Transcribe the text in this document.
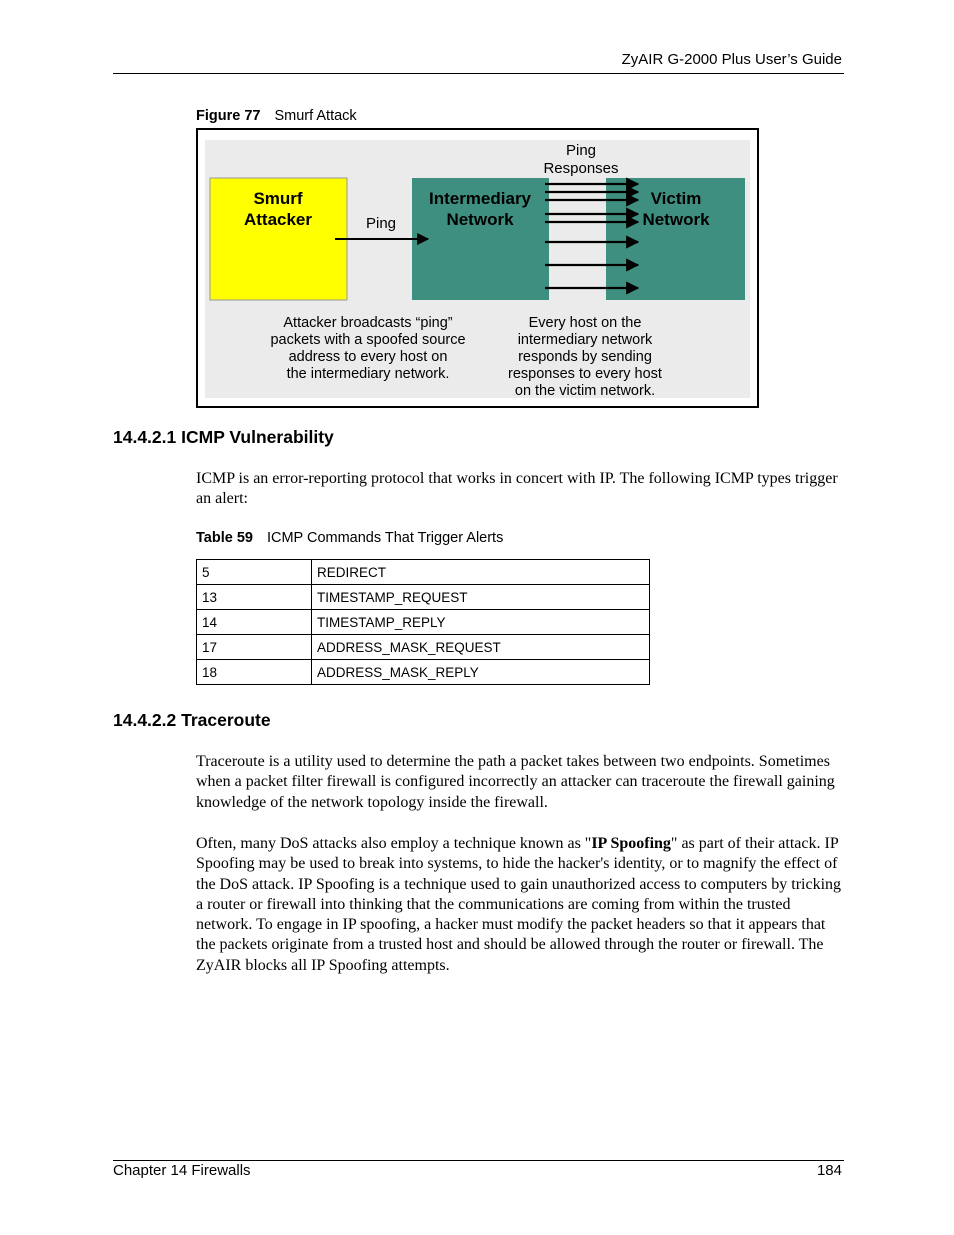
ZyAIR G-2000 Plus User’s Guide
Figure 77 Smurf Attack
Smurf
Attacker
Intermediary
Network
Victim
Network
Ping
Ping
Responses
Attacker broadcasts “ping”
packets with a spoofed source
address to every host on
the intermediary network.
Every host on the
intermediary network
responds by sending
responses to every host
on the victim network.
14.4.2.1 ICMP Vulnerability
ICMP is an error-reporting protocol that works in concert with IP. The following ICMP types trigger an alert:
Table 59 ICMP Commands That Trigger Alerts
5	REDIRECT
13	TIMESTAMP_REQUEST
14	TIMESTAMP_REPLY
17	ADDRESS_MASK_REQUEST
18	ADDRESS_MASK_REPLY
14.4.2.2 Traceroute
Traceroute is a utility used to determine the path a packet takes between two endpoints. Sometimes when a packet filter firewall is configured incorrectly an attacker can traceroute the firewall gaining knowledge of the network topology inside the firewall.
Often, many DoS attacks also employ a technique known as "IP Spoofing" as part of their attack. IP Spoofing may be used to break into systems, to hide the hacker's identity, or to magnify the effect of the DoS attack. IP Spoofing is a technique used to gain unauthorized access to computers by tricking a router or firewall into thinking that the communications are coming from within the trusted network. To engage in IP spoofing, a hacker must modify the packet headers so that it appears that the packets originate from a trusted host and should be allowed through the router or firewall. The ZyAIR blocks all IP Spoofing attempts.
Chapter 14 Firewalls	184
